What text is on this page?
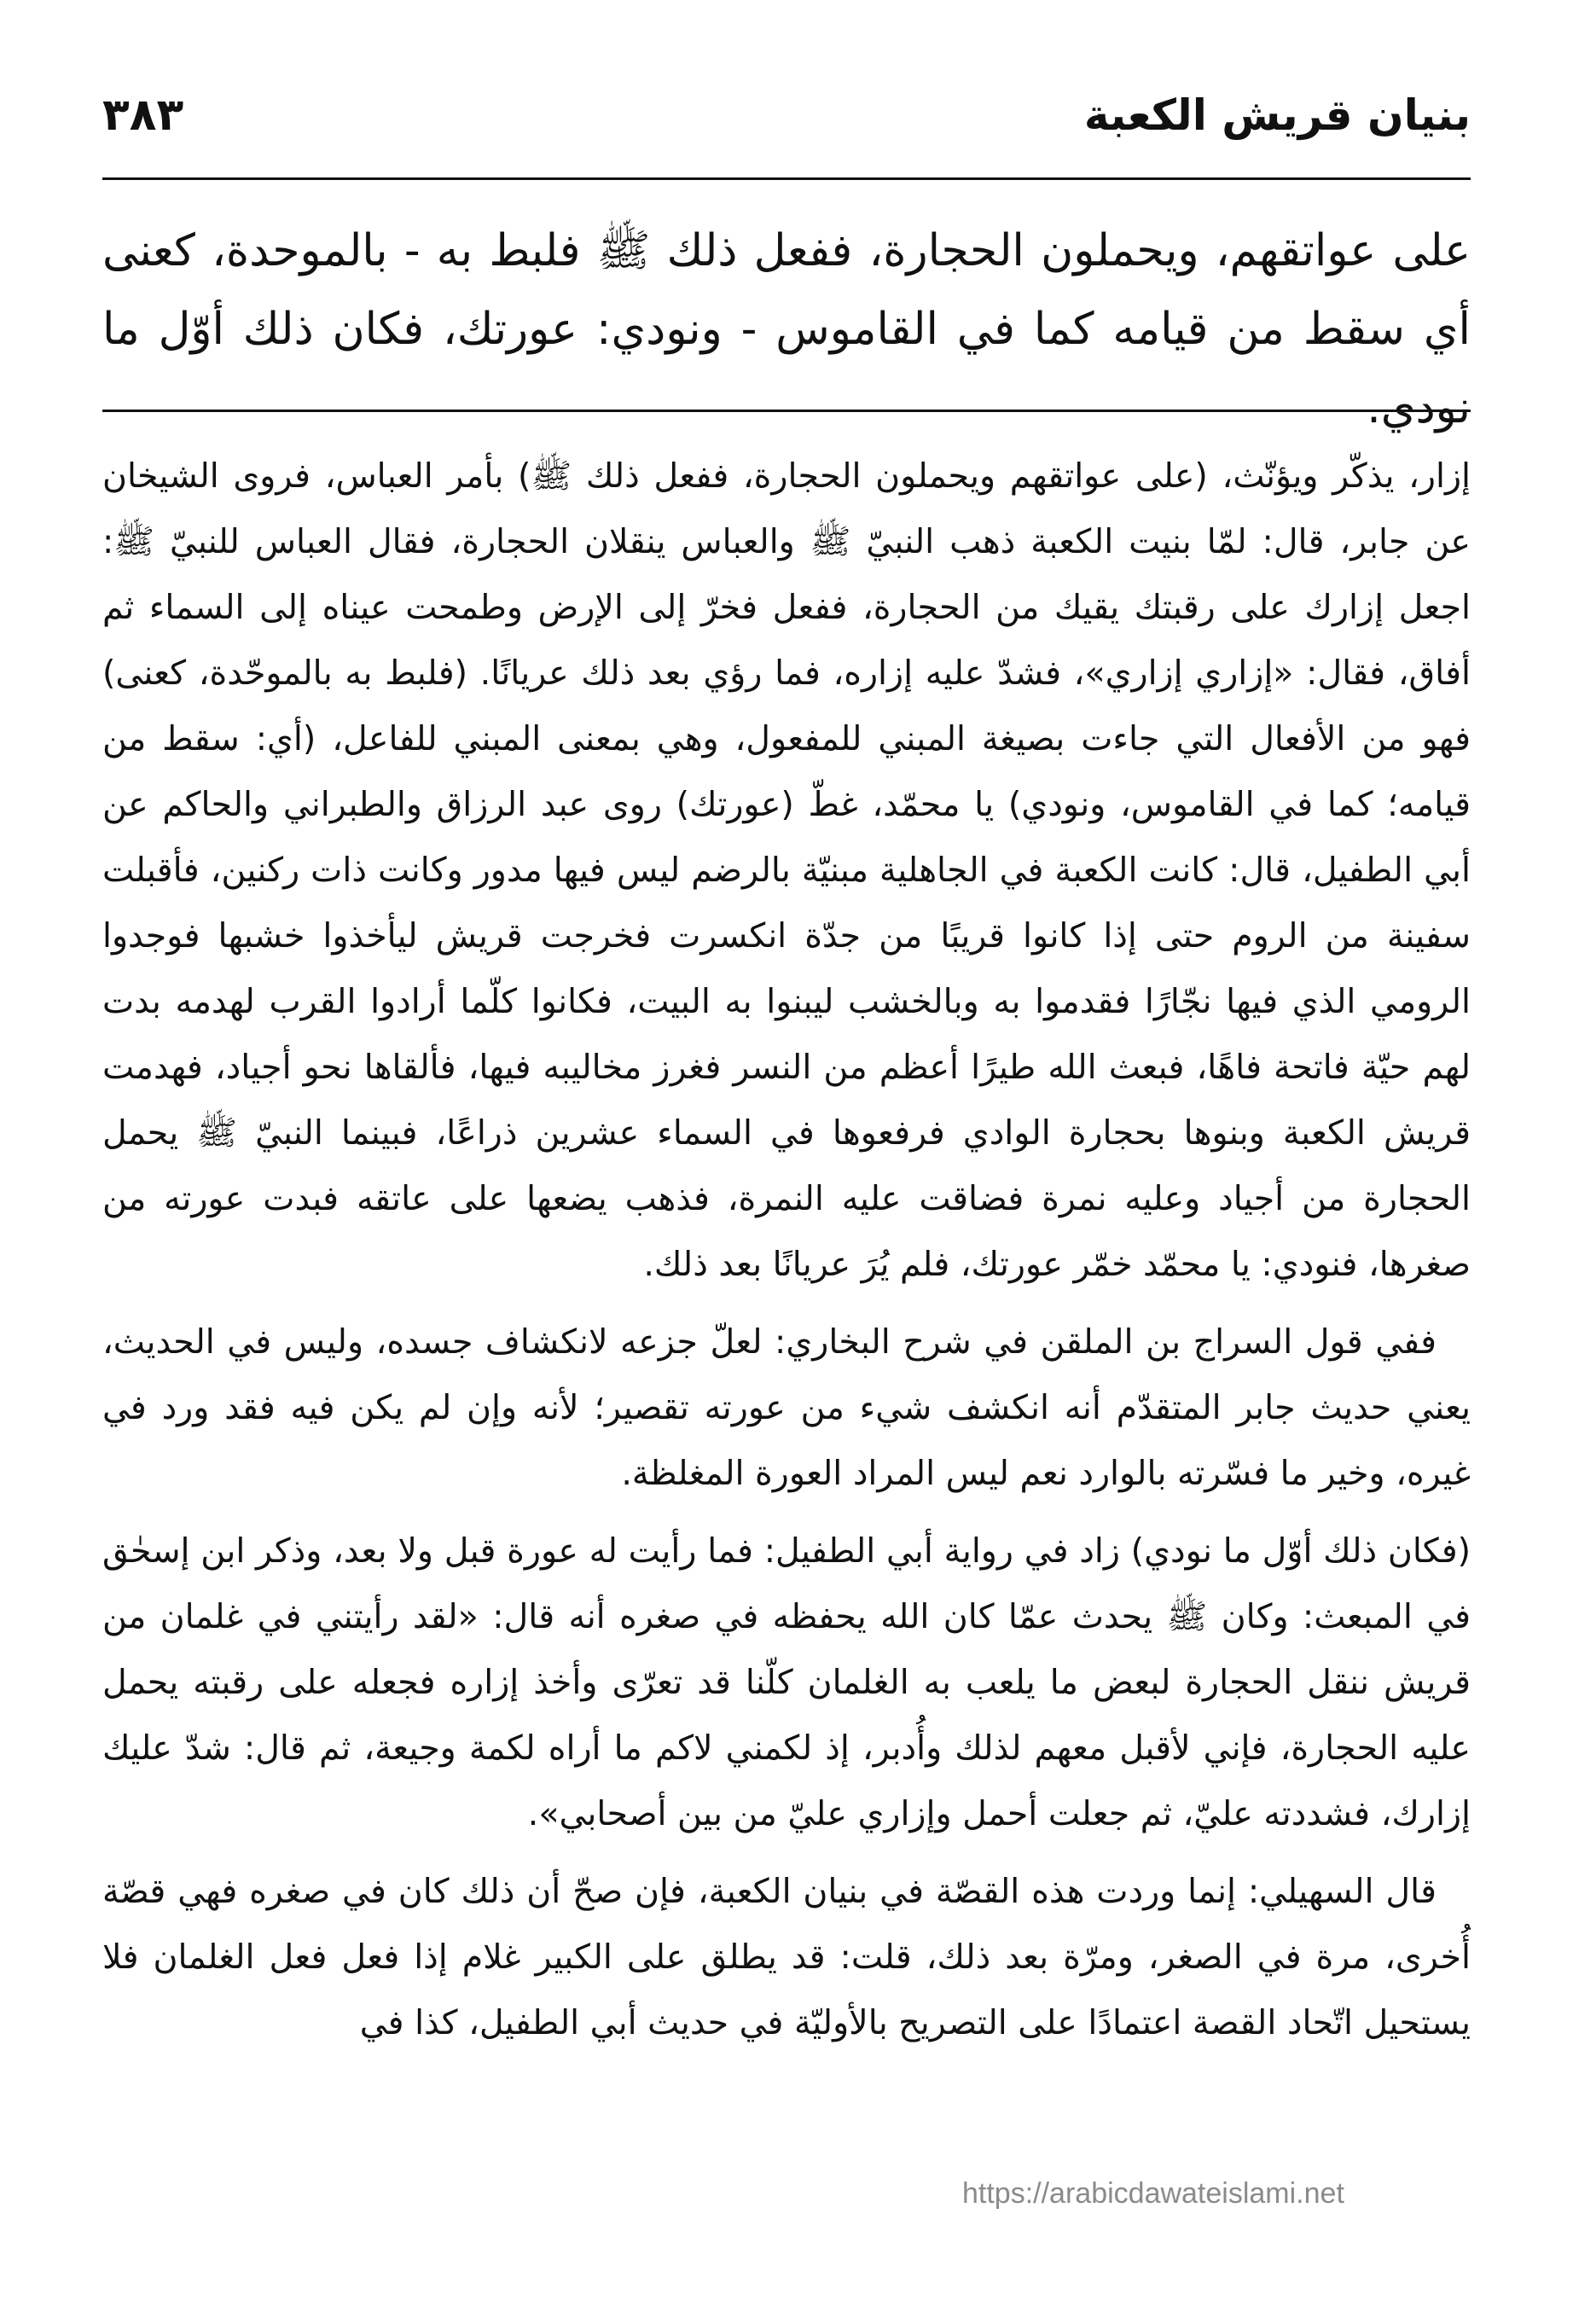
بنيان قريش الكعبة
٣٨٣
على عواتقهم، ويحملون الحجارة، ففعل ذلك ﷺ فلبط به - بالموحدة، كعنى أي سقط من قيامه كما في القاموس - ونودي: عورتك، فكان ذلك أوّل ما نودي.

إزار، يذكّر ويؤنّث، (على عواتقهم ويحملون الحجارة، ففعل ذلك ﷺ) بأمر العباس، فروى الشيخان عن جابر، قال: لمّا بنيت الكعبة ذهب النبيّ ﷺ والعباس ينقلان الحجارة، فقال العباس للنبيّ ﷺ: اجعل إزارك على رقبتك يقيك من الحجارة، ففعل فخرّ إلى الإرض وطمحت عيناه إلى السماء ثم أفاق، فقال: «إزاري إزاري»، فشدّ عليه إزاره، فما رؤي بعد ذلك عريانًا. (فلبط به بالموحّدة، كعنى) فهو من الأفعال التي جاءت بصيغة المبني للمفعول، وهي بمعنى المبني للفاعل، (أي: سقط من قيامه؛ كما في القاموس، ونودي) يا محمّد، غطّ (عورتك) روى عبد الرزاق والطبراني والحاكم عن أبي الطفيل، قال: كانت الكعبة في الجاهلية مبنيّة بالرضم ليس فيها مدور وكانت ذات ركنين، فأقبلت سفينة من الروم حتى إذا كانوا قريبًا من جدّة انكسرت فخرجت قريش ليأخذوا خشبها فوجدوا الرومي الذي فيها نجّارًا فقدموا به وبالخشب ليبنوا به البيت، فكانوا كلّما أرادوا القرب لهدمه بدت لهم حيّة فاتحة فاهًا، فبعث الله طيرًا أعظم من النسر فغرز مخاليبه فيها، فألقاها نحو أجياد، فهدمت قريش الكعبة وبنوها بحجارة الوادي فرفعوها في السماء عشرين ذراعًا، فبينما النبيّ ﷺ يحمل الحجارة من أجياد وعليه نمرة فضاقت عليه النمرة، فذهب يضعها على عاتقه فبدت عورته من صغرها، فنودي: يا محمّد خمّر عورتك، فلم يُرَ عريانًا بعد ذلك.

ففي قول السراج بن الملقن في شرح البخاري: لعلّ جزعه لانكشاف جسده، وليس في الحديث، يعني حديث جابر المتقدّم أنه انكشف شيء من عورته تقصير؛ لأنه وإن لم يكن فيه فقد ورد في غيره، وخير ما فسّرته بالوارد نعم ليس المراد العورة المغلظة.

(فكان ذلك أوّل ما نودي) زاد في رواية أبي الطفيل: فما رأيت له عورة قبل ولا بعد، وذكر ابن إسحٰق في المبعث: وكان ﷺ يحدث عمّا كان الله يحفظه في صغره أنه قال: «لقد رأيتني في غلمان من قريش ننقل الحجارة لبعض ما يلعب به الغلمان كلّنا قد تعرّى وأخذ إزاره فجعله على رقبته يحمل عليه الحجارة، فإني لأقبل معهم لذلك وأُدبر، إذ لكمني لاكم ما أراه لكمة وجيعة، ثم قال: شدّ عليك إزارك، فشددته عليّ، ثم جعلت أحمل وإزاري عليّ من بين أصحابي».

قال السهيلي: إنما وردت هذه القصّة في بنيان الكعبة، فإن صحّ أن ذلك كان في صغره فهي قصّة أُخرى، مرة في الصغر، ومرّة بعد ذلك، قلت: قد يطلق على الكبير غلام إذا فعل فعل الغلمان فلا يستحيل اتّحاد القصة اعتمادًا على التصريح بالأوليّة في حديث أبي الطفيل، كذا في

https://arabicdawateislami.net
